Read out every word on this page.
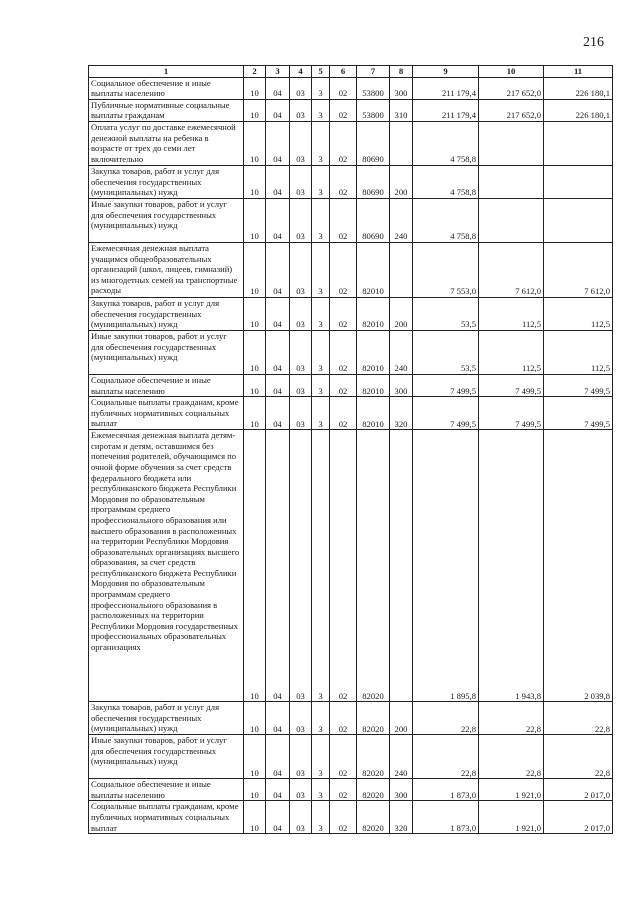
216
1	2	3	4	5	6	7	8	9	10	11
Социальное обеспечение и иные выплаты населению	10	04	03	3	02	53800	300	211 179,4	217 652,0	226 180,1
Публичные нормативные социальные выплаты гражданам	10	04	03	3	02	53800	310	211 179,4	217 652,0	226 180,1
Оплата услуг по доставке ежемесячной денежной выплаты на ребенка в возрасте от трех до семи лет включительно	10	04	03	3	02	80690		4 758,8		
Закупка товаров, работ и услуг для обеспечения государственных (муниципальных) нужд	10	04	03	3	02	80690	200	4 758,8		
Иные закупки товаров, работ и услуг для обеспечения государственных (муниципальных) нужд	10	04	03	3	02	80690	240	4 758,8		
Ежемесячная денежная выплата учащимся общеобразовательных организаций (школ, лицеев, гимназий) из многодетных семей на транспортные расходы	10	04	03	3	02	82010		7 553,0	7 612,0	7 612,0
Закупка товаров, работ и услуг для обеспечения государственных (муниципальных) нужд	10	04	03	3	02	82010	200	53,5	112,5	112,5
Иные закупки товаров, работ и услуг для обеспечения государственных (муниципальных) нужд	10	04	03	3	02	82010	240	53,5	112,5	112,5
Социальное обеспечение и иные выплаты населению	10	04	03	3	02	82010	300	7 499,5	7 499,5	7 499,5
Социальные выплаты гражданам, кроме публичных нормативных социальных выплат	10	04	03	3	02	82010	320	7 499,5	7 499,5	7 499,5
Ежемесячная денежная выплата детям-сиротам и детям, оставшимся без попечения родителей, обучающимся по очной форме обучения за счет средств федерального бюджета или республиканского бюджета Республики Мордовия по образовательным программам среднего профессионального образования или высшего образования в расположенных на территории Республики Мордовия образовательных организациях высшего образования, за счет средств республиканского бюджета Республики Мордовия по образовательным программам среднего профессионального образования в расположенных на территории Республики Мордовия государственных профессиональных образовательных организациях	10	04	03	3	02	82020		1 895,8	1 943,8	2 039,8
Закупка товаров, работ и услуг для обеспечения государственных (муниципальных) нужд	10	04	03	3	02	82020	200	22,8	22,8	22,8
Иные закупки товаров, работ и услуг для обеспечения государственных (муниципальных) нужд	10	04	03	3	02	82020	240	22,8	22,8	22,8
Социальное обеспечение и иные выплаты населению	10	04	03	3	02	82020	300	1 873,0	1 921,0	2 017,0
Социальные выплаты гражданам, кроме публичных нормативных социальных выплат	10	04	03	3	02	82020	320	1 873,0	1 921,0	2 017,0
